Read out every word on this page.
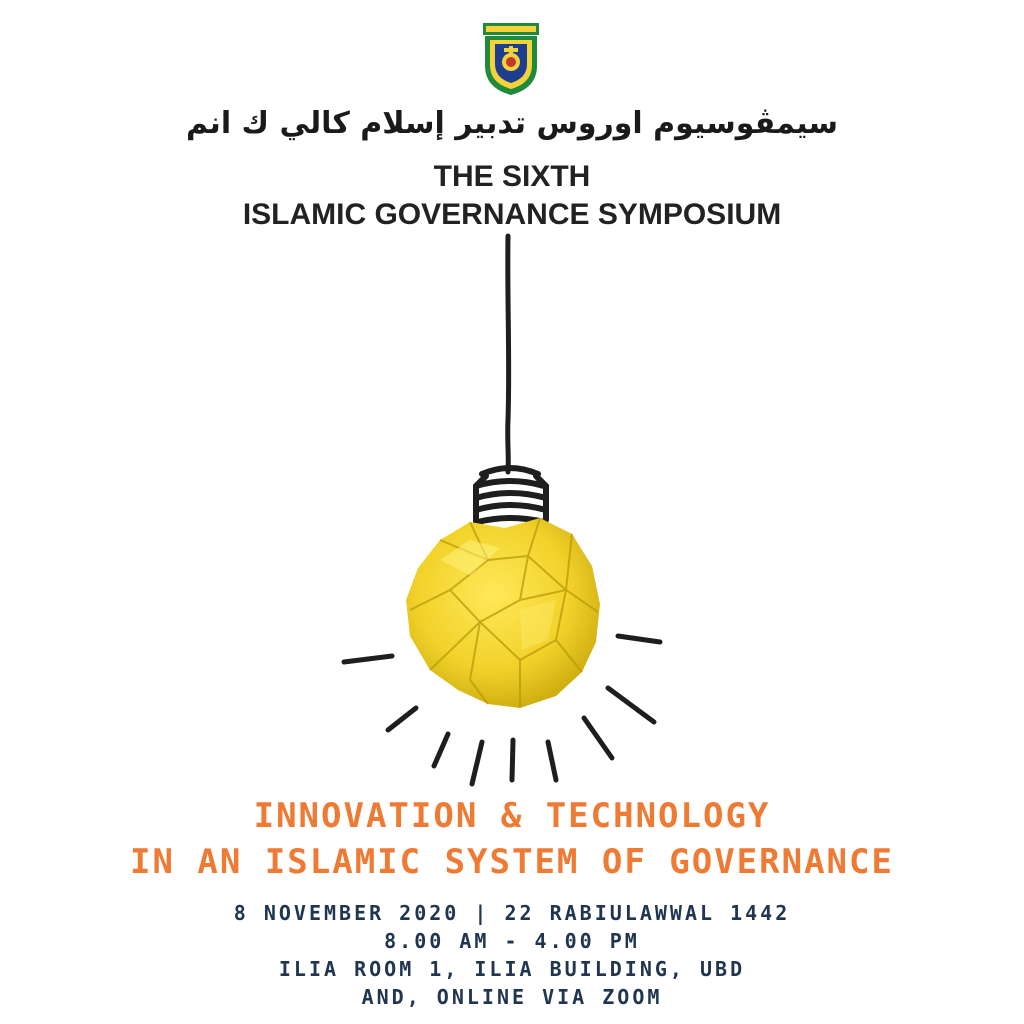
سيمڤوسيوم اوروس تدبير إسلام كالي ك انم
THE SIXTH
ISLAMIC GOVERNANCE SYMPOSIUM
INNOVATION & TECHNOLOGY
IN AN ISLAMIC SYSTEM OF GOVERNANCE
8 NOVEMBER 2020 | 22 RABIULAWWAL 1442
8.00 AM - 4.00 PM
ILIA ROOM 1, ILIA BUILDING, UBD
AND, ONLINE VIA ZOOM
